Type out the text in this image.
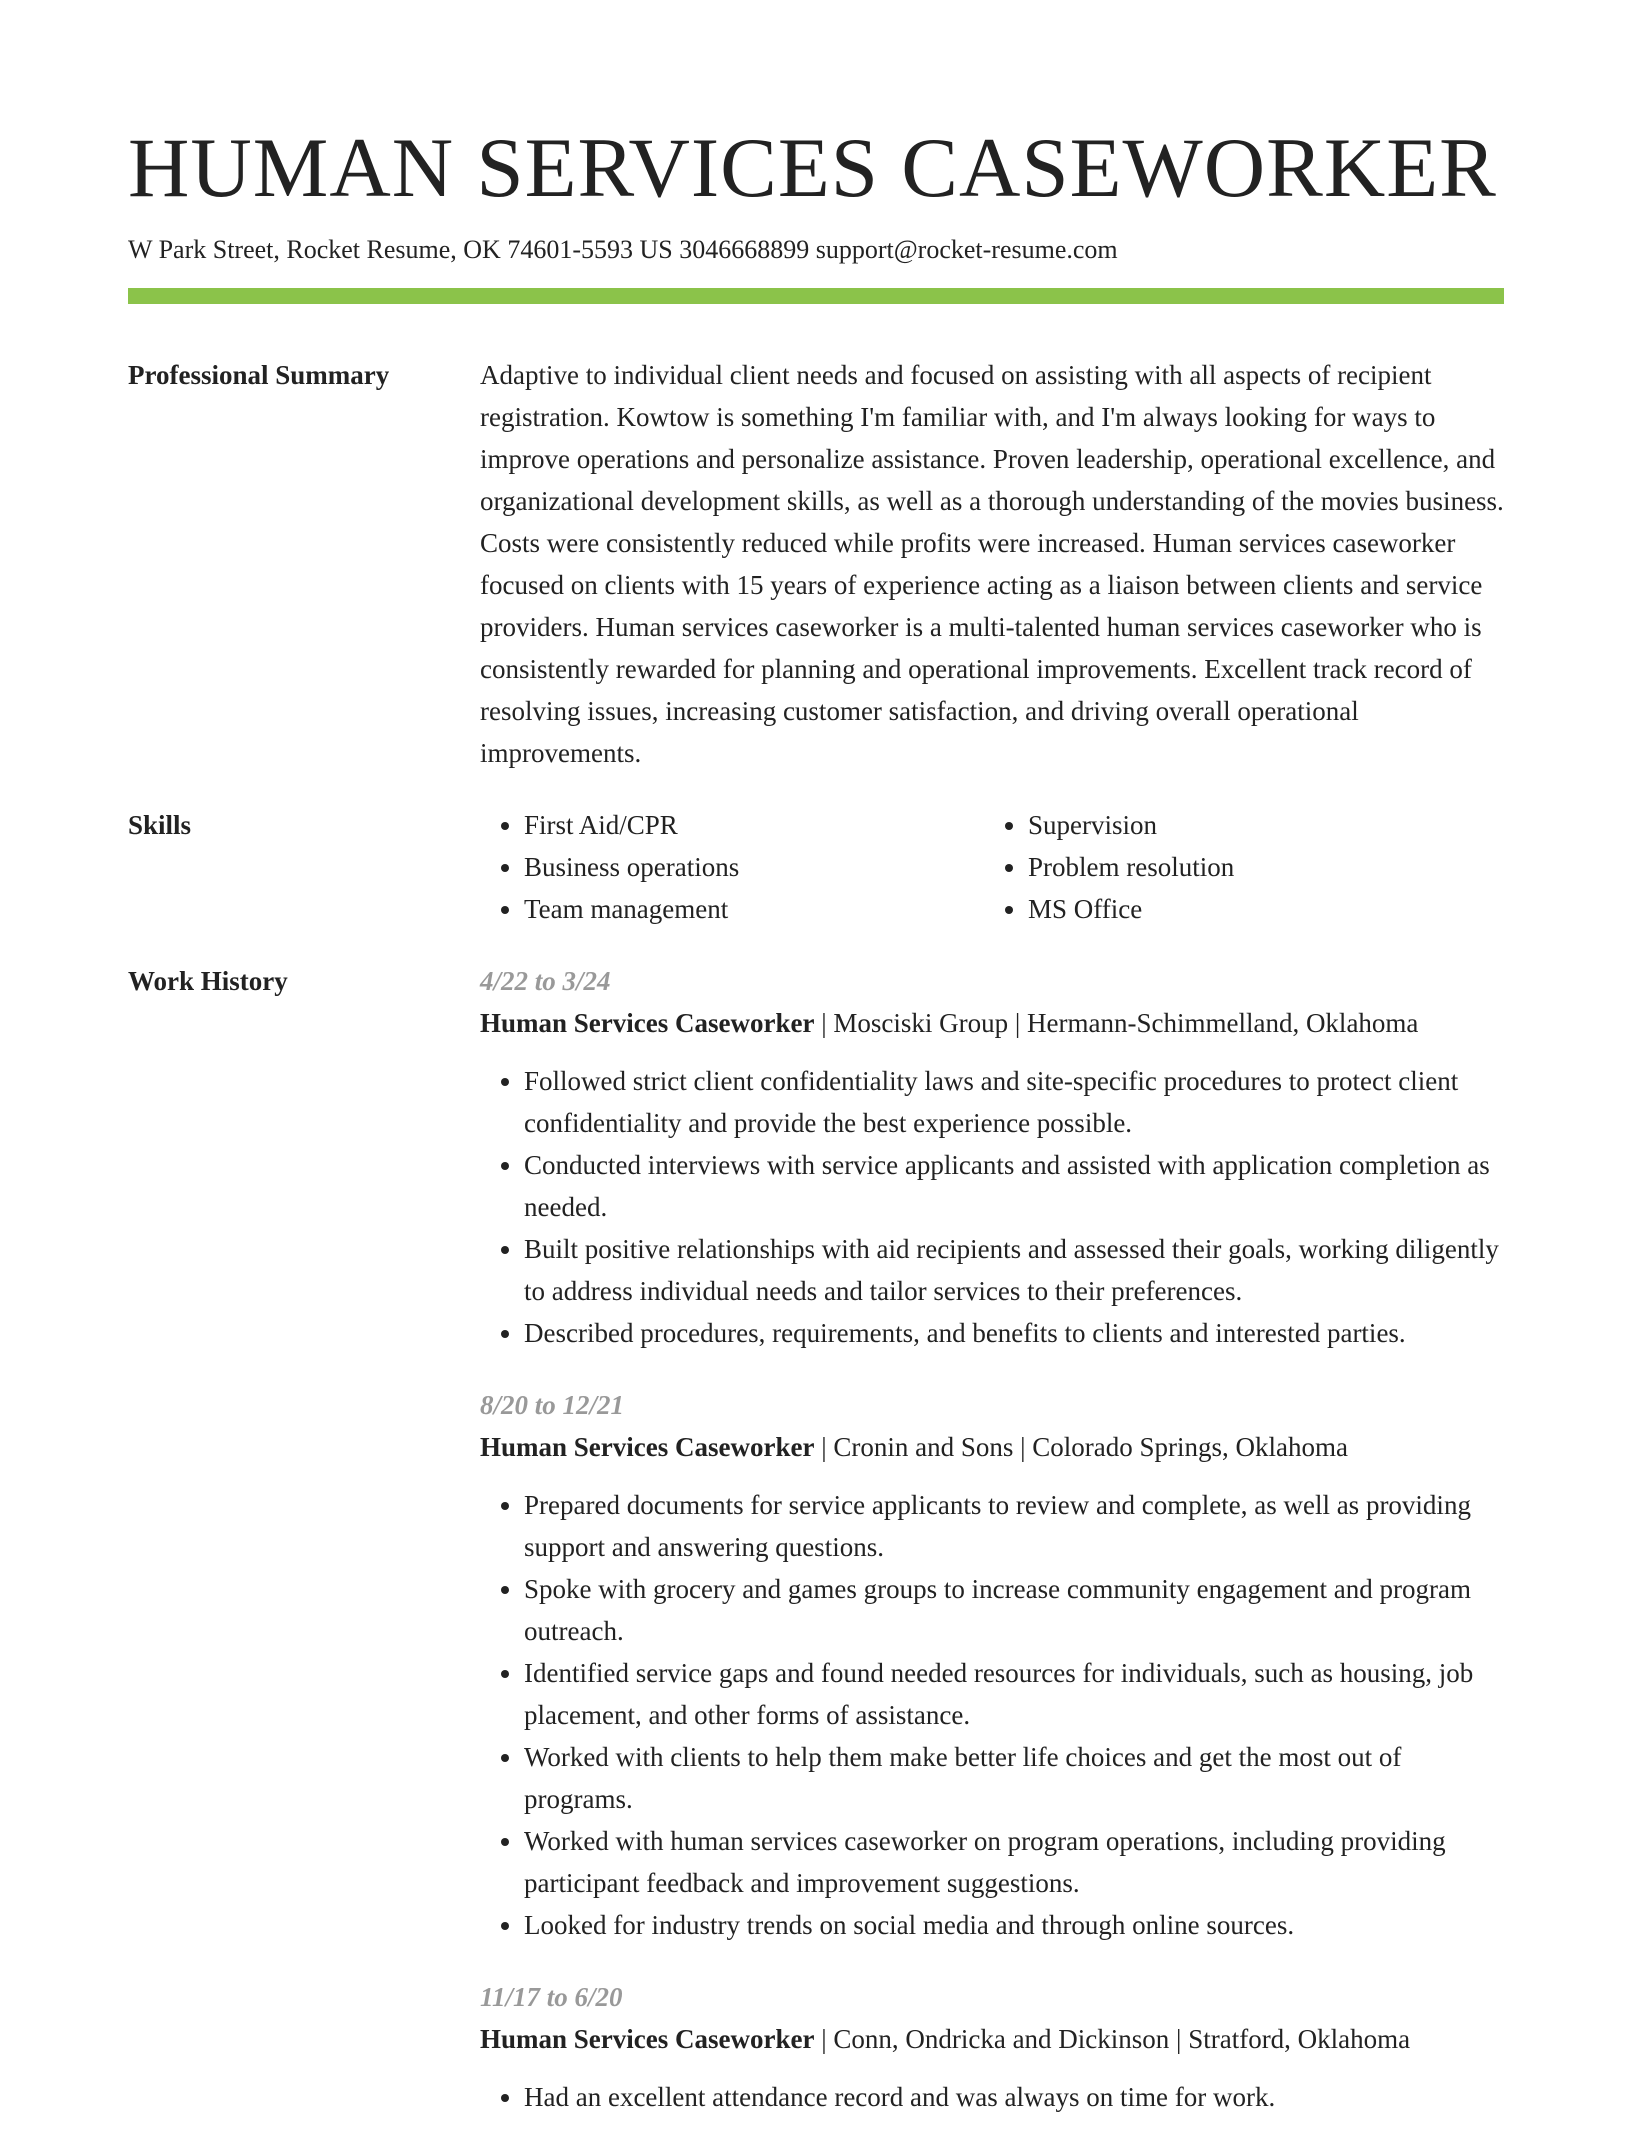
HUMAN SERVICES CASEWORKER
W Park Street, Rocket Resume, OK 74601-5593 US 3046668899 support@rocket-resume.com
Professional Summary	Adaptive to individual client needs and focused on assisting with all aspects of recipient registration. Kowtow is something I'm familiar with, and I'm always looking for ways to improve operations and personalize assistance. Proven leadership, operational excellence, and organizational development skills, as well as a thorough understanding of the movies business. Costs were consistently reduced while profits were increased. Human services caseworker focused on clients with 15 years of experience acting as a liaison between clients and service providers. Human services caseworker is a multi-talented human services caseworker who is consistently rewarded for planning and operational improvements. Excellent track record of resolving issues, increasing customer satisfaction, and driving overall operational improvements.

Skills
•	First Aid/CPR
• Business operations
• Team management
• Supervision
• Problem resolution
• MS Office
Work History	4/22 to 3/24

Human Services Caseworker | Mosciski Group | Hermann-Schimmelland, Oklahoma

• Followed strict client confidentiality laws and site-specific procedures to protect client confidentiality and provide the best experience possible.
• Conducted interviews with service applicants and assisted with application completion as needed.
• Built positive relationships with aid recipients and assessed their goals, working diligently to address individual needs and tailor services to their preferences.
• Described procedures, requirements, and benefits to clients and interested parties.

8/20 to 12/21

Human Services Caseworker | Cronin and Sons | Colorado Springs, Oklahoma

• Prepared documents for service applicants to review and complete, as well as providing support and answering questions.
• Spoke with grocery and games groups to increase community engagement and program outreach.
• Identified service gaps and found needed resources for individuals, such as housing, job placement, and other forms of assistance.
• Worked with clients to help them make better life choices and get the most out of programs.
• Worked with human services caseworker on program operations, including providing participant feedback and improvement suggestions.
• Looked for industry trends on social media and through online sources.

11/17 to 6/20

Human Services Caseworker | Conn, Ondricka and Dickinson | Stratford, Oklahoma

• Had an excellent attendance record and was always on time for work.
